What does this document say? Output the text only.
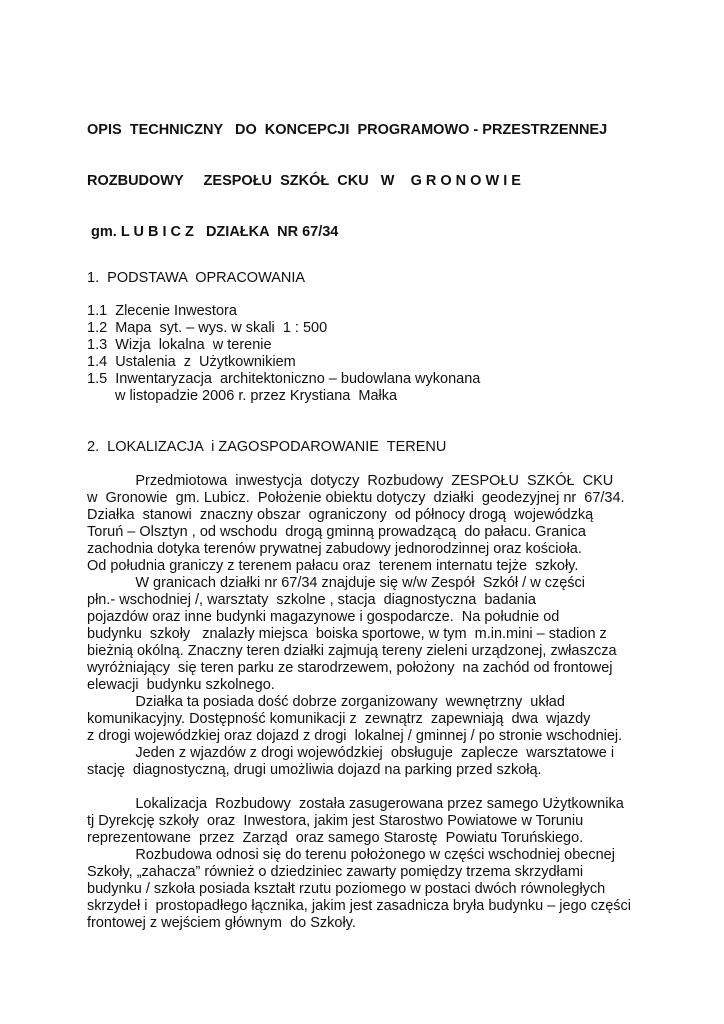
OPIS  TECHNICZNY   DO  KONCEPCJI  PROGRAMOWO - PRZESTRZENNEJ

ROZBUDOWY     ZESPOŁU  SZKÓŁ  CKU   W    G R O N O W I E

gm. L U B I C Z   DZIAŁKA  NR 67/34

1.  PODSTAWA  OPRACOWANIA
1.1  Zlecenie Inwestora
1.2  Mapa  syt. – wys. w skali  1 : 500
1.3  Wizja  lokalna  w terenie
1.4  Ustalenia  z  Użytkownikiem
1.5  Inwentaryzacja  architektoniczno – budowlana wykonana
w listopadzie 2006 r. przez Krystiana  Małka
2.  LOKALIZACJA  i ZAGOSPODAROWANIE  TERENU
Przedmiotowa  inwestycja  dotyczy  Rozbudowy  ZESPOŁU  SZKÓŁ  CKU
w  Gronowie  gm. Lubicz.  Położenie obiektu dotyczy  działki  geodezyjnej nr  67/34.
Działka  stanowi  znaczny obszar  ograniczony  od północy drogą  wojewódzką
Toruń – Olsztyn , od wschodu  drogą gminną prowadzącą  do pałacu. Granica
zachodnia dotyka terenów prywatnej zabudowy jednorodzinnej oraz kościoła.
Od południa graniczy z terenem pałacu oraz  terenem internatu tejże  szkoły.
W granicach działki nr 67/34 znajduje się w/w Zespół  Szkół / w części
płn.- wschodniej /, warsztaty  szkolne , stacja  diagnostyczna  badania
pojazdów oraz inne budynki magazynowe i gospodarcze.  Na południe od
budynku  szkoły   znalazły miejsca  boiska sportowe, w tym  m.in.mini – stadion z
bieżnią okólną. Znaczny teren działki zajmują tereny zieleni urządzonej, zwłaszcza
wyróżniający  się teren parku ze starodrzewem, położony  na zachód od frontowej
elewacji  budynku szkolnego.
Działka ta posiada dość dobrze zorganizowany  wewnętrzny  układ
komunikacyjny. Dostępność komunikacji z  zewnątrz  zapewniają  dwa  wjazdy
z drogi wojewódzkiej oraz dojazd z drogi  lokalnej / gminnej / po stronie wschodniej.
Jeden z wjazdów z drogi wojewódzkiej  obsługuje  zaplecze  warsztatowe i
stację  diagnostyczną, drugi umożliwia dojazd na parking przed szkołą.
Lokalizacja  Rozbudowy  została zasugerowana przez samego Użytkownika
tj Dyrekcję szkoły  oraz  Inwestora, jakim jest Starostwo Powiatowe w Toruniu
reprezentowane  przez  Zarząd  oraz samego Starostę  Powiatu Toruńskiego.
Rozbudowa odnosi się do terenu położonego w części wschodniej obecnej
Szkoły, „zahacza” również o dziedziniec zawarty pomiędzy trzema skrzydłami
budynku / szkoła posiada kształt rzutu poziomego w postaci dwóch równoległych
skrzydeł i  prostopadłego łącznika, jakim jest zasadnicza bryła budynku – jego części
frontowej z wejściem głównym  do Szkoły.
